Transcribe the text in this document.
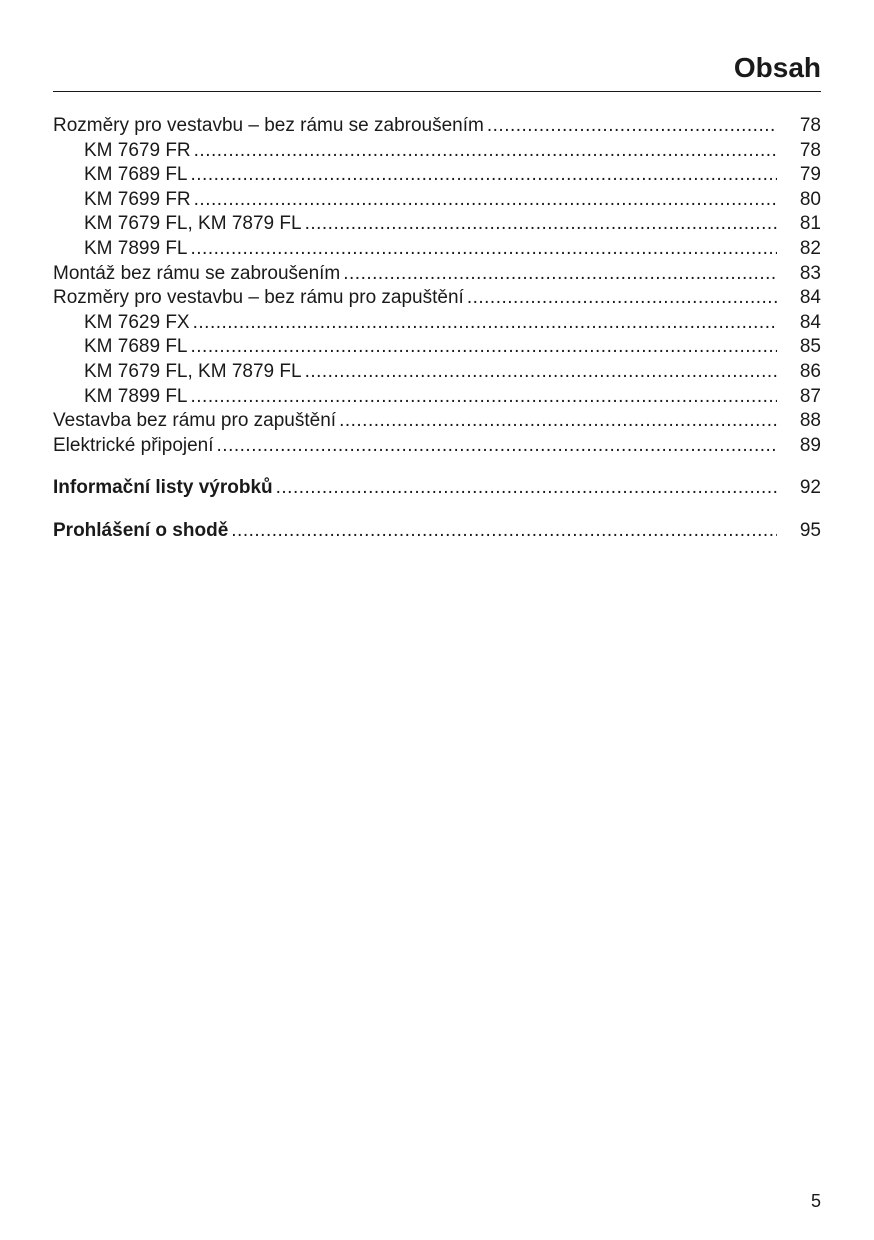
Obsah
Rozměry pro vestavbu – bez rámu se zabroušením .....	78
KM 7679 FR .....	78
KM 7689 FL .....	79
KM 7699 FR .....	80
KM 7679 FL, KM 7879 FL .....	81
KM 7899 FL .....	82
Montáž bez rámu se zabroušením .....	83
Rozměry pro vestavbu – bez rámu pro zapuštění .....	84
KM 7629 FX .....	84
KM 7689 FL .....	85
KM 7679 FL, KM 7879 FL .....	86
KM 7899 FL .....	87
Vestavba bez rámu pro zapuštění .....	88
Elektrické připojení .....	89
Informační listy výrobků .....	92
Prohlášení o shodě .....	95
5
